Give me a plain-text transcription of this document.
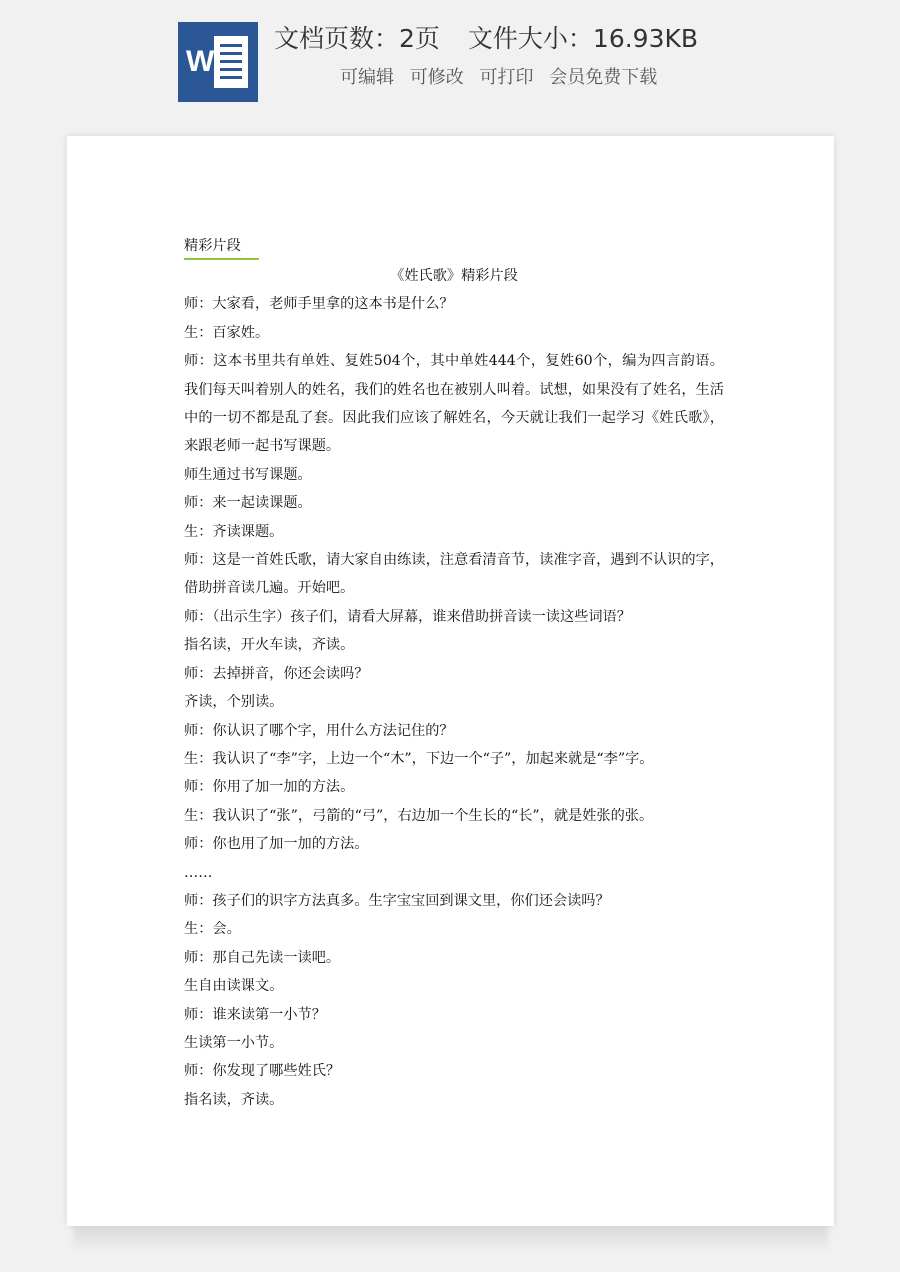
W
文档页数：2页 文件大小：16.93KB
可编辑 可修改 可打印 会员免费下载
精彩片段

《姓氏歌》精彩片段

师：大家看，老师手里拿的这本书是什么？

生：百家姓。

师：这本书里共有单姓、复姓504个，其中单姓444个，复姓60个，编为四言韵语。我们每天叫着别人的姓名，我们的姓名也在被别人叫着。试想，如果没有了姓名，生活中的一切不都是乱了套。因此我们应该了解姓名，今天就让我们一起学习《姓氏歌》，来跟老师一起书写课题。

师生通过书写课题。

师：来一起读课题。

生：齐读课题。

师：这是一首姓氏歌，请大家自由练读，注意看清音节，读准字音，遇到不认识的字，借助拼音读几遍。开始吧。

师：（出示生字）孩子们，请看大屏幕，谁来借助拼音读一读这些词语？

指名读，开火车读，齐读。

师：去掉拼音，你还会读吗？

齐读，个别读。

师：你认识了哪个字，用什么方法记住的？

生：我认识了“李”字，上边一个“木”，下边一个“子”，加起来就是“李”字。

师：你用了加一加的方法。

生：我认识了“张”，弓箭的“弓”，右边加一个生长的“长”，就是姓张的张。

师：你也用了加一加的方法。

……

师：孩子们的识字方法真多。生字宝宝回到课文里，你们还会读吗？

生：会。

师：那自己先读一读吧。

生自由读课文。

师：谁来读第一小节？

生读第一小节。

师：你发现了哪些姓氏？

指名读，齐读。
